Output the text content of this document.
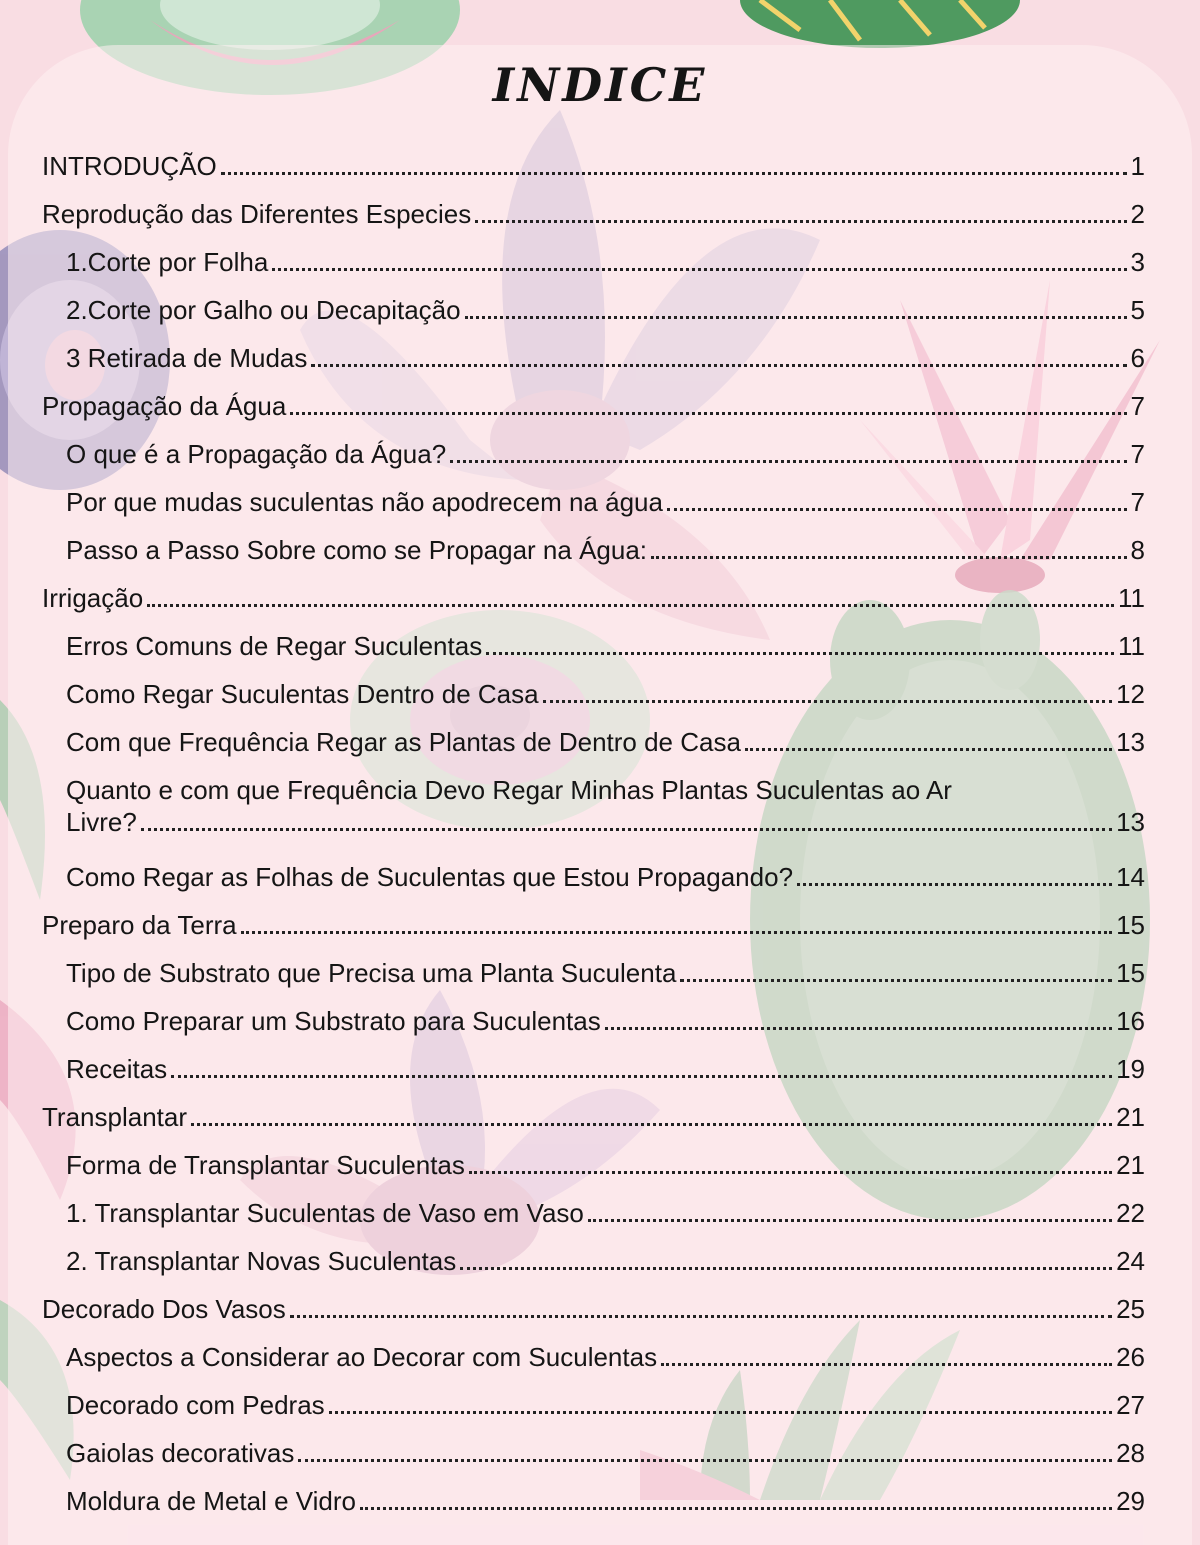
INDICE
INTRODUÇÃO	1
Reprodução das Diferentes Especies	2
1.Corte por Folha	3
2.Corte por Galho ou Decapitação	5
3 Retirada de Mudas	6
Propagação da Água	7
O que é a Propagação da Água?	7
Por que mudas suculentas não apodrecem na água	7
Passo a Passo Sobre como se Propagar na Água:	8
Irrigação	11
Erros Comuns de Regar Suculentas	11
Como Regar Suculentas Dentro de Casa	12
Com que Frequência Regar as Plantas de Dentro de Casa	13
Quanto e com que Frequência Devo Regar Minhas Plantas Suculentas ao Ar
Livre?	13
Como Regar as Folhas de Suculentas que Estou Propagando?	14
Preparo da Terra	15
Tipo de Substrato que Precisa uma Planta Suculenta	15
Como Preparar um Substrato para Suculentas	16
Receitas	19
Transplantar	21
Forma de Transplantar Suculentas	21
1. Transplantar Suculentas de Vaso em Vaso	22
2. Transplantar Novas Suculentas	24
Decorado Dos Vasos	25
Aspectos a Considerar ao Decorar com Suculentas	26
Decorado com Pedras	27
Gaiolas decorativas	28
Moldura de Metal e Vidro	29
